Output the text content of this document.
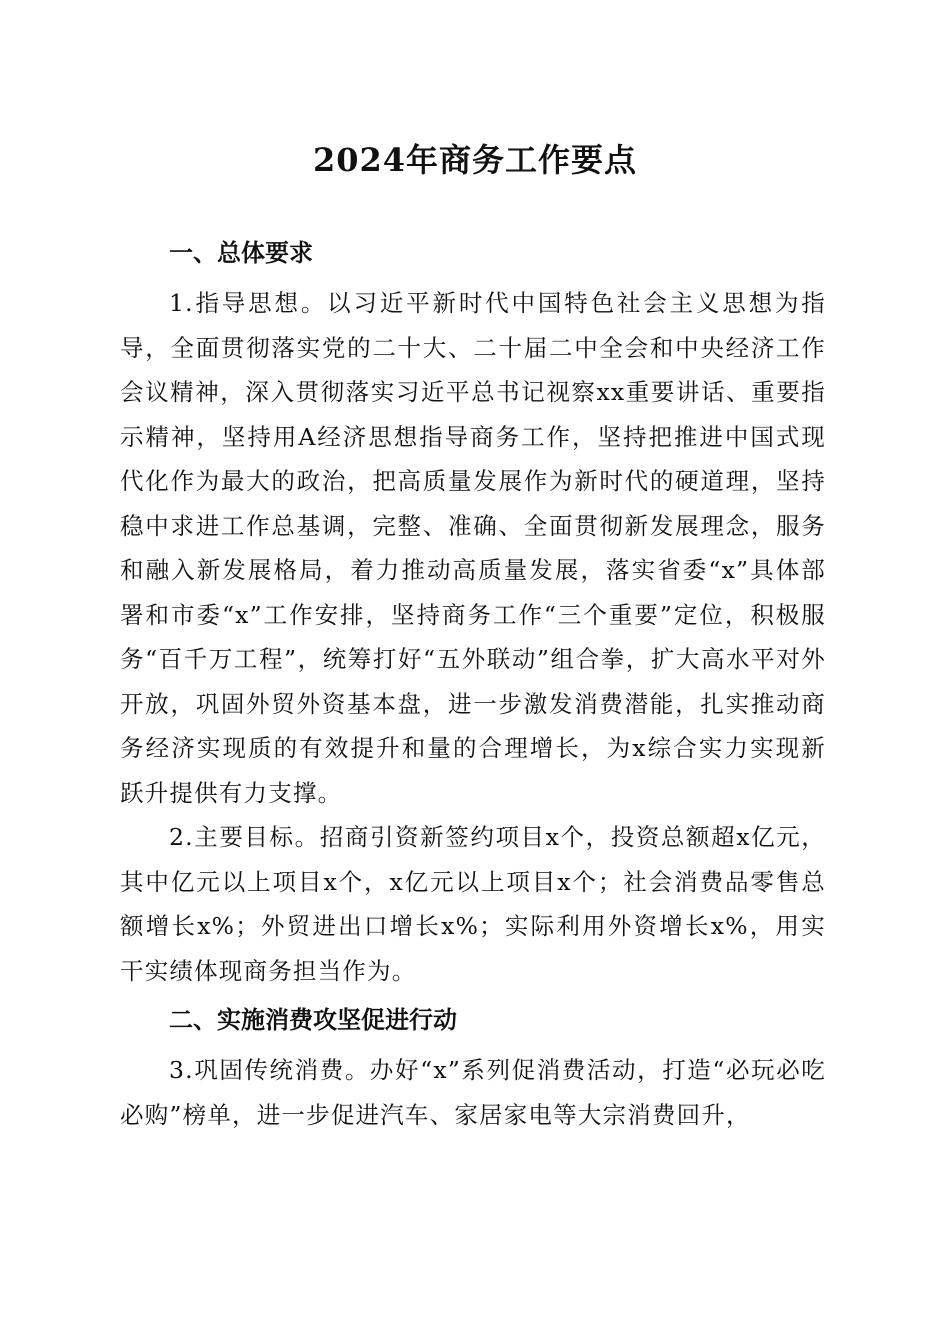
2024年商务工作要点
一、总体要求

1.指导思想。以习近平新时代中国特色社会主义思想为指导，全面贯彻落实党的二十大、二十届二中全会和中央经济工作会议精神，深入贯彻落实习近平总书记视察xx重要讲话、重要指示精神，坚持用A经济思想指导商务工作，坚持把推进中国式现代化作为最大的政治，把高质量发展作为新时代的硬道理，坚持稳中求进工作总基调，完整、准确、全面贯彻新发展理念，服务和融入新发展格局，着力推动高质量发展，落实省委“x”具体部署和市委“x”工作安排，坚持商务工作“三个重要”定位，积极服务“百千万工程”，统筹打好“五外联动”组合拳，扩大高水平对外开放，巩固外贸外资基本盘，进一步激发消费潜能，扎实推动商务经济实现质的有效提升和量的合理增长，为x综合实力实现新跃升提供有力支撑。

2.主要目标。招商引资新签约项目x个，投资总额超x亿元，其中亿元以上项目x个，x亿元以上项目x个；社会消费品零售总额增长x%；外贸进出口增长x%；实际利用外资增长x%，用实干实绩体现商务担当作为。

二、实施消费攻坚促进行动

3.巩固传统消费。办好“x”系列促消费活动，打造“必玩必吃必购”榜单，进一步促进汽车、家居家电等大宗消费回升，
